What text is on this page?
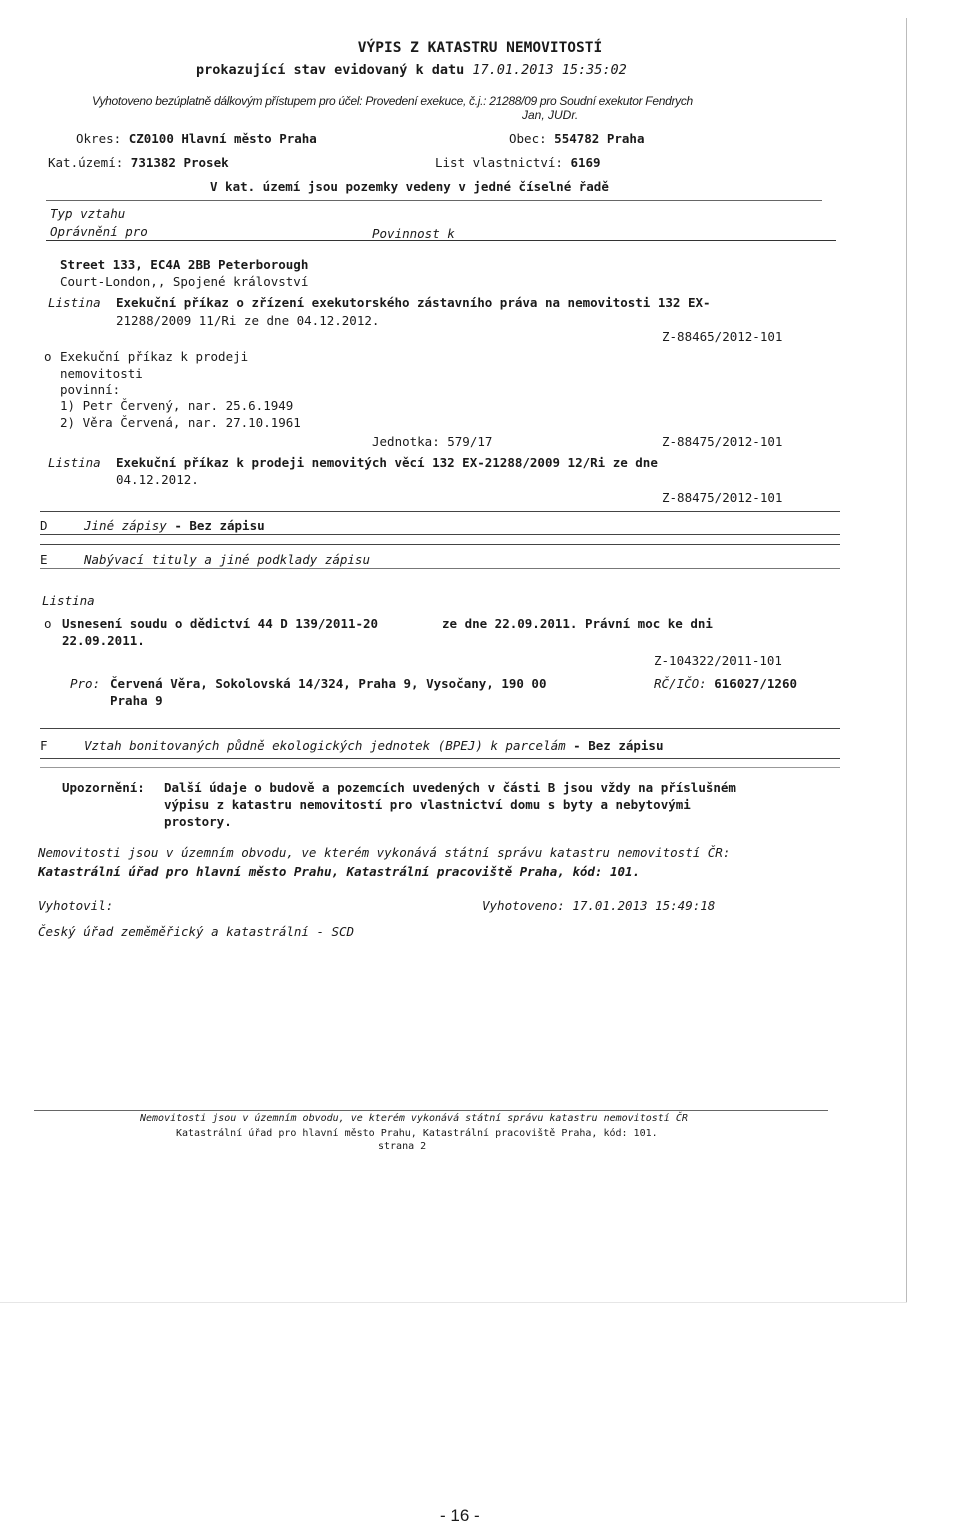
VÝPIS Z KATASTRU NEMOVITOSTÍ
prokazující stav evidovaný k datu 17.01.2013 15:35:02
Vyhotoveno bezúplatně dálkovým přístupem pro účel: Provedení exekuce, č.j.: 21288/09 pro Soudní exekutor Fendrych
Jan, JUDr.
Okres: CZ0100 Hlavní město Praha	Obec: 554782 Praha
Kat.území: 731382 Prosek	List vlastnictví: 6169
V kat. území jsou pozemky vedeny v jedné číselné řadě
Typ vztahu
Oprávnění pro	Povinnost k
Street 133, EC4A 2BB Peterborough
Court-London,, Spojené království
Listina Exekuční příkaz o zřízení exekutorského zástavního práva na nemovitosti 132 EX-
21288/2009 11/Ri ze dne 04.12.2012.
Z-88465/2012-101
o Exekuční příkaz k prodeji
nemovitosti
povinní:
1) Petr Červený, nar. 25.6.1949
2) Věra Červená, nar. 27.10.1961
Jednotka: 579/17	Z-88475/2012-101
Listina Exekuční příkaz k prodeji nemovitých věcí 132 EX-21288/2009 12/Ri ze dne
04.12.2012.
Z-88475/2012-101
D	Jiné zápisy - Bez zápisu
E	Nabývací tituly a jiné podklady zápisu
Listina
o Usnesení soudu o dědictví 44 D 139/2011-20	ze dne 22.09.2011. Právní moc ke dni
22.09.2011.
Z-104322/2011-101
Pro: Červená Věra, Sokolovská 14/324, Praha 9, Vysočany, 190 00
Praha 9
RČ/IČO: 616027/1260
F	Vztah bonitovaných půdně ekologických jednotek (BPEJ) k parcelám - Bez zápisu
Upozornění: Další údaje o budově a pozemcích uvedených v části B jsou vždy na příslušném
výpisu z katastru nemovitostí pro vlastnictví domu s byty a nebytovými
prostory.
Nemovitosti jsou v územním obvodu, ve kterém vykonává státní správu katastru nemovitostí ČR:
Katastrální úřad pro hlavní město Prahu, Katastrální pracoviště Praha, kód: 101.
Vyhotovil:	Vyhotoveno: 17.01.2013 15:49:18
Český úřad zeměměřický a katastrální - SCD
Nemovitosti jsou v územním obvodu, ve kterém vykonává státní správu katastru nemovitostí ČR
Katastrální úřad pro hlavní město Prahu, Katastrální pracoviště Praha, kód: 101.
strana 2
- 16 -
